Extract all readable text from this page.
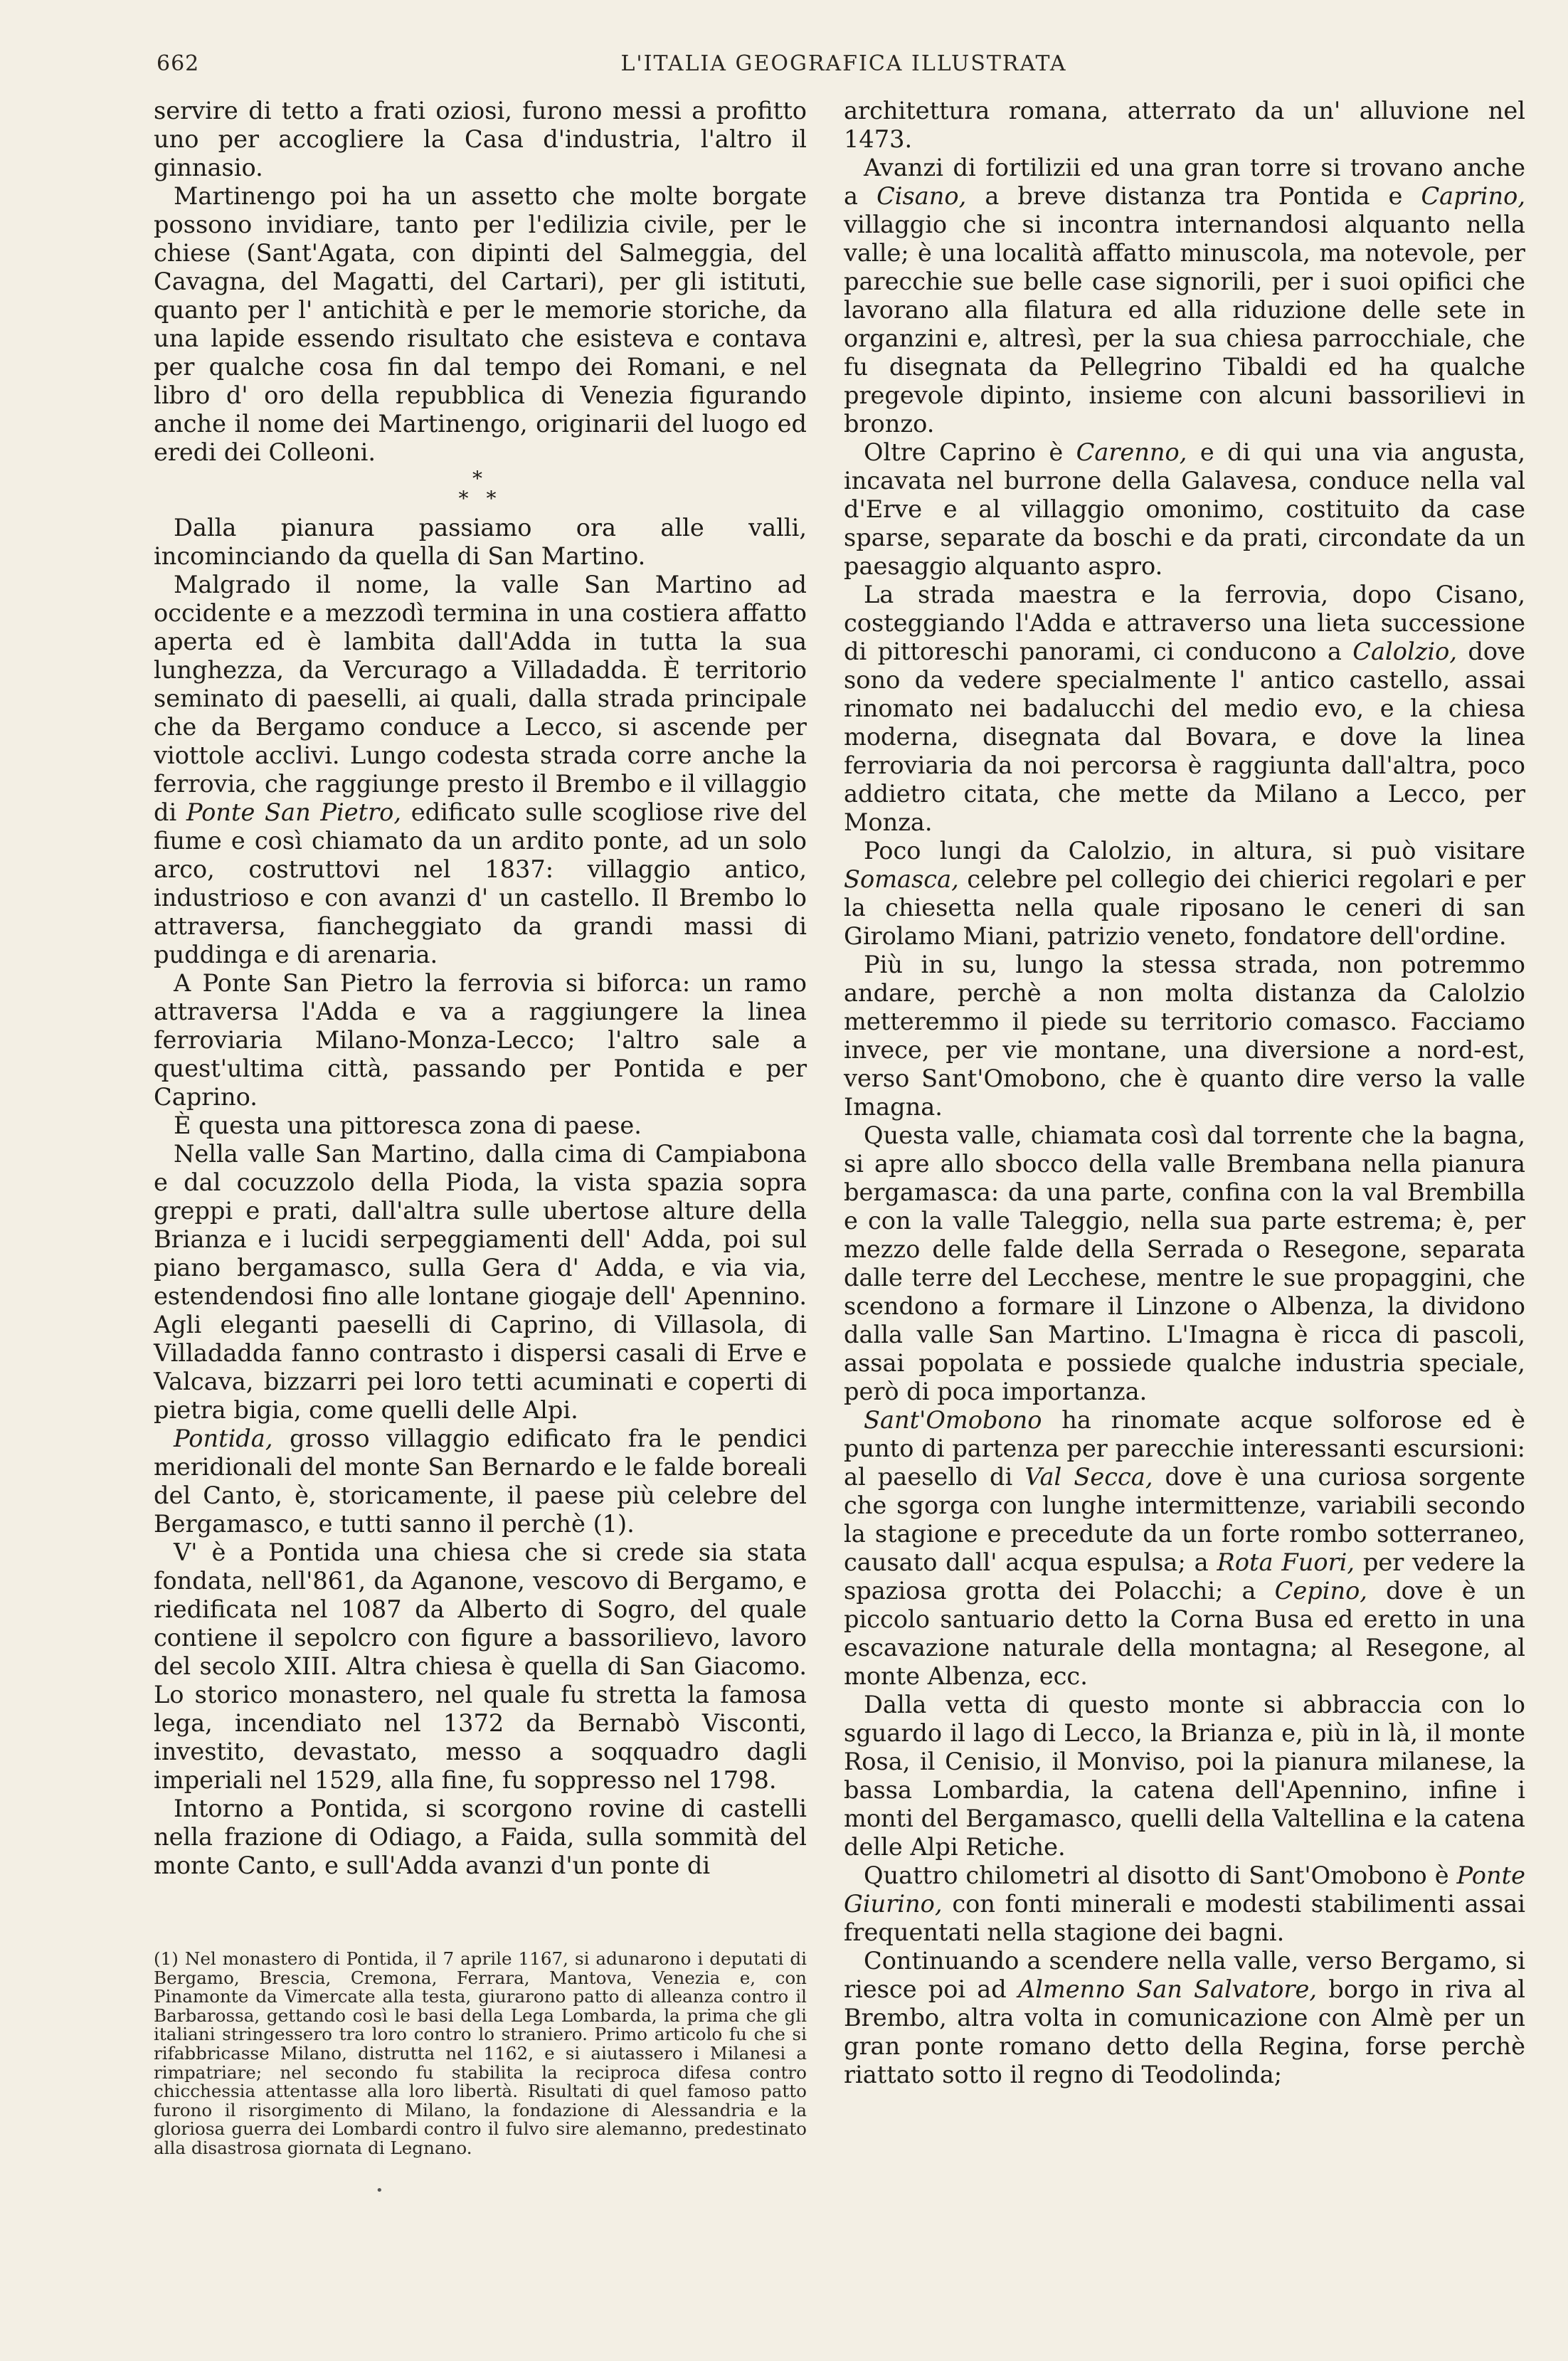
662	L'ITALIA GEOGRAFICA ILLUSTRATA

servire di tetto a frati oziosi, furono messi a profitto uno per accogliere la Casa d'industria, l'altro il ginnasio.

Martinengo poi ha un assetto che molte borgate possono invidiare, tanto per l'edilizia civile, per le chiese (Sant'Agata, con dipinti del Salmeggia, del Cavagna, del Magatti, del Cartari), per gli istituti, quanto per l' antichità e per le memorie storiche, da una lapide essendo risultato che esisteva e contava per qualche cosa fin dal tempo dei Romani, e nel libro d' oro della repubblica di Venezia figurando anche il nome dei Martinengo, originarii del luogo ed eredi dei Colleoni.

*
* *

Dalla pianura passiamo ora alle valli, incominciando da quella di San Martino.

Malgrado il nome, la valle San Martino ad occidente e a mezzodì termina in una costiera affatto aperta ed è lambita dall'Adda in tutta la sua lunghezza, da Vercurago a Villadadda. È territorio seminato di paeselli, ai quali, dalla strada principale che da Bergamo conduce a Lecco, si ascende per viottole acclivi. Lungo codesta strada corre anche la ferrovia, che raggiunge presto il Brembo e il villaggio di Ponte San Pietro, edificato sulle scogliose rive del fiume e così chiamato da un ardito ponte, ad un solo arco, costruttovi nel 1837: villaggio antico, industrioso e con avanzi d' un castello. Il Brembo lo attraversa, fiancheggiato da grandi massi di puddinga e di arenaria.

A Ponte San Pietro la ferrovia si biforca: un ramo attraversa l'Adda e va a raggiungere la linea ferroviaria Milano-Monza-Lecco; l'altro sale a quest'ultima città, passando per Pontida e per Caprino.

È questa una pittoresca zona di paese.

Nella valle San Martino, dalla cima di Campiabona e dal cocuzzolo della Pioda, la vista spazia sopra greppi e prati, dall'altra sulle ubertose alture della Brianza e i lucidi serpeggiamenti dell' Adda, poi sul piano bergamasco, sulla Gera d' Adda, e via via, estendendosi fino alle lontane giogaje dell' Apennino. Agli eleganti paeselli di Caprino, di Villasola, di Villadadda fanno contrasto i dispersi casali di Erve e Valcava, bizzarri pei loro tetti acuminati e coperti di pietra bigia, come quelli delle Alpi.

Pontida, grosso villaggio edificato fra le pendici meridionali del monte San Bernardo e le falde boreali del Canto, è, storicamente, il paese più celebre del Bergamasco, e tutti sanno il perchè (1).

V' è a Pontida una chiesa che si crede sia stata fondata, nell'861, da Aganone, vescovo di Bergamo, e riedificata nel 1087 da Alberto di Sogro, del quale contiene il sepolcro con figure a bassorilievo, lavoro del secolo XIII. Altra chiesa è quella di San Giacomo. Lo storico monastero, nel quale fu stretta la famosa lega, incendiato nel 1372 da Bernabò Visconti, investito, devastato, messo a soqquadro dagli imperiali nel 1529, alla fine, fu soppresso nel 1798.

Intorno a Pontida, si scorgono rovine di castelli nella frazione di Odiago, a Faida, sulla sommità del monte Canto, e sull'Adda avanzi d'un ponte di

(1) Nel monastero di Pontida, il 7 aprile 1167, si adunarono i deputati di Bergamo, Brescia, Cremona, Ferrara, Mantova, Venezia e, con Pinamonte da Vimercate alla testa, giurarono patto di alleanza contro il Barbarossa, gettando così le basi della Lega Lombarda, la prima che gli italiani stringessero tra loro contro lo straniero. Primo articolo fu che si rifabbricasse Milano, distrutta nel 1162, e si aiutassero i Milanesi a rimpatriare; nel secondo fu stabilita la reciproca difesa contro chicchessia attentasse alla loro libertà. Risultati di quel famoso patto furono il risorgimento di Milano, la fondazione di Alessandria e la gloriosa guerra dei Lombardi contro il fulvo sire alemanno, predestinato alla disastrosa giornata di Legnano.

•

architettura romana, atterrato da un' alluvione nel 1473.

Avanzi di fortilizii ed una gran torre si trovano anche a Cisano, a breve distanza tra Pontida e Caprino, villaggio che si incontra internandosi alquanto nella valle; è una località affatto minuscola, ma notevole, per parecchie sue belle case signorili, per i suoi opifici che lavorano alla filatura ed alla riduzione delle sete in organzini e, altresì, per la sua chiesa parrocchiale, che fu disegnata da Pellegrino Tibaldi ed ha qualche pregevole dipinto, insieme con alcuni bassorilievi in bronzo.

Oltre Caprino è Carenno, e di qui una via angusta, incavata nel burrone della Galavesa, conduce nella val d'Erve e al villaggio omonimo, costituito da case sparse, separate da boschi e da prati, circondate da un paesaggio alquanto aspro.

La strada maestra e la ferrovia, dopo Cisano, costeggiando l'Adda e attraverso una lieta successione di pittoreschi panorami, ci conducono a Calolzio, dove sono da vedere specialmente l' antico castello, assai rinomato nei badalucchi del medio evo, e la chiesa moderna, disegnata dal Bovara, e dove la linea ferroviaria da noi percorsa è raggiunta dall'altra, poco addietro citata, che mette da Milano a Lecco, per Monza.

Poco lungi da Calolzio, in altura, si può visitare Somasca, celebre pel collegio dei chierici regolari e per la chiesetta nella quale riposano le ceneri di san Girolamo Miani, patrizio veneto, fondatore dell'ordine.

Più in su, lungo la stessa strada, non potremmo andare, perchè a non molta distanza da Calolzio metteremmo il piede su territorio comasco. Facciamo invece, per vie montane, una diversione a nord-est, verso Sant'Omobono, che è quanto dire verso la valle Imagna.

Questa valle, chiamata così dal torrente che la bagna, si apre allo sbocco della valle Brembana nella pianura bergamasca: da una parte, confina con la val Brembilla e con la valle Taleggio, nella sua parte estrema; è, per mezzo delle falde della Serrada o Resegone, separata dalle terre del Lecchese, mentre le sue propaggini, che scendono a formare il Linzone o Albenza, la dividono dalla valle San Martino. L'Imagna è ricca di pascoli, assai popolata e possiede qualche industria speciale, però di poca importanza.

Sant'Omobono ha rinomate acque solforose ed è punto di partenza per parecchie interessanti escursioni: al paesello di Val Secca, dove è una curiosa sorgente che sgorga con lunghe intermittenze, variabili secondo la stagione e precedute da un forte rombo sotterraneo, causato dall' acqua espulsa; a Rota Fuori, per vedere la spaziosa grotta dei Polacchi; a Cepino, dove è un piccolo santuario detto la Corna Busa ed eretto in una escavazione naturale della montagna; al Resegone, al monte Albenza, ecc.

Dalla vetta di questo monte si abbraccia con lo sguardo il lago di Lecco, la Brianza e, più in là, il monte Rosa, il Cenisio, il Monviso, poi la pianura milanese, la bassa Lombardia, la catena dell'Apennino, infine i monti del Bergamasco, quelli della Valtellina e la catena delle Alpi Retiche.

Quattro chilometri al disotto di Sant'Omobono è Ponte Giurino, con fonti minerali e modesti stabilimenti assai frequentati nella stagione dei bagni.

Continuando a scendere nella valle, verso Bergamo, si riesce poi ad Almenno San Salvatore, borgo in riva al Brembo, altra volta in comunicazione con Almè per un gran ponte romano detto della Regina, forse perchè riattato sotto il regno di Teodolinda;
